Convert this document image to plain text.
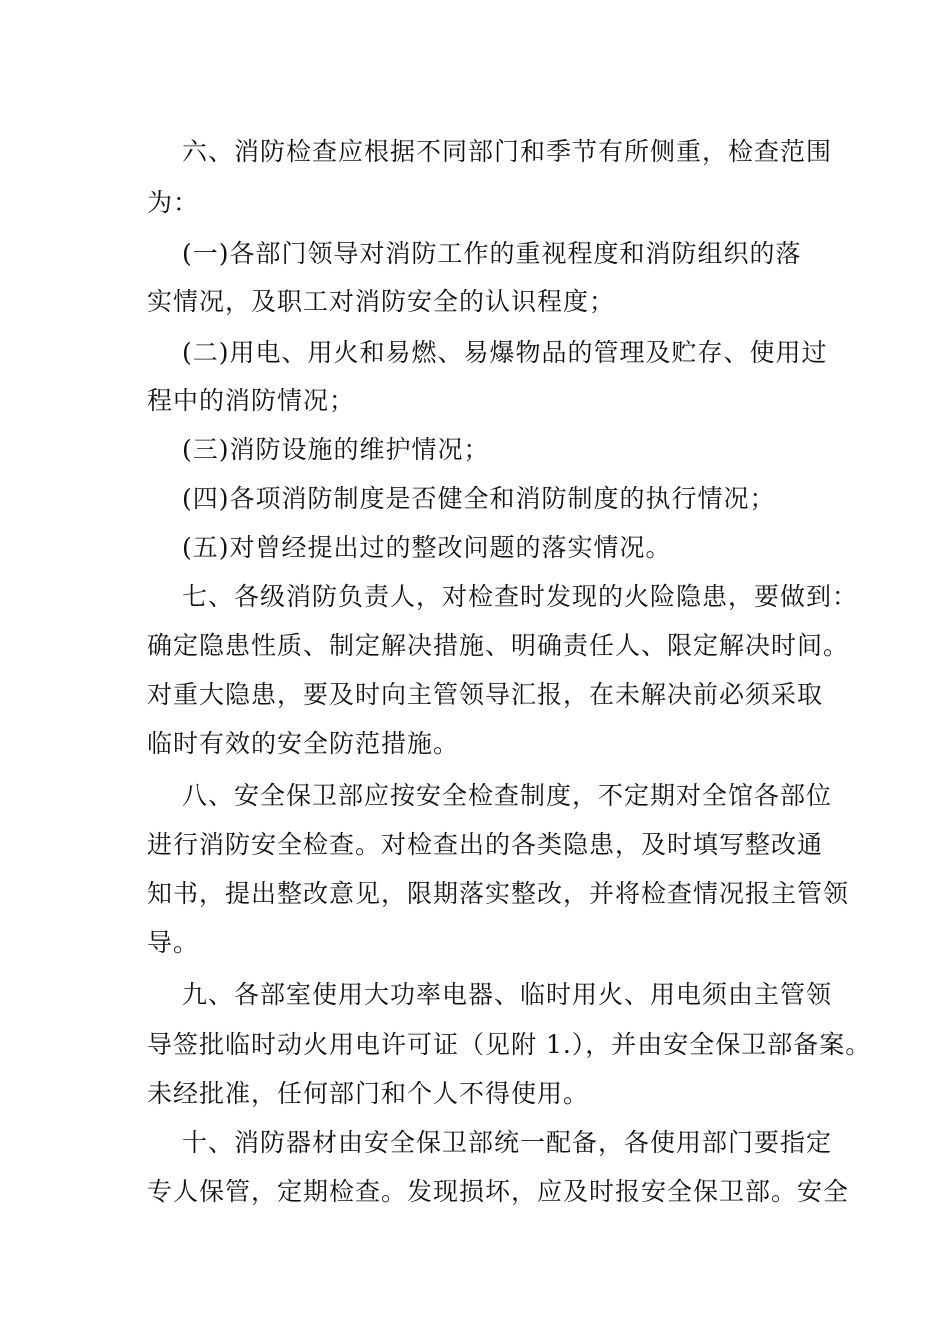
六、消防检查应根据不同部门和季节有所侧重，检查范围
为：
(一)各部门领导对消防工作的重视程度和消防组织的落
实情况，及职工对消防安全的认识程度；
(二)用电、用火和易燃、易爆物品的管理及贮存、使用过
程中的消防情况；
(三)消防设施的维护情况；
(四)各项消防制度是否健全和消防制度的执行情况；
(五)对曾经提出过的整改问题的落实情况。
七、各级消防负责人，对检查时发现的火险隐患，要做到：
确定隐患性质、制定解决措施、明确责任人、限定解决时间。
对重大隐患，要及时向主管领导汇报，在未解决前必须采取
临时有效的安全防范措施。
八、安全保卫部应按安全检查制度，不定期对全馆各部位
进行消防安全检查。对检查出的各类隐患，及时填写整改通
知书，提出整改意见，限期落实整改，并将检查情况报主管领
导。
九、各部室使用大功率电器、临时用火、用电须由主管领
导签批临时动火用电许可证（见附 1.），并由安全保卫部备案。
未经批准，任何部门和个人不得使用。
十、消防器材由安全保卫部统一配备，各使用部门要指定
专人保管，定期检查。发现损坏，应及时报安全保卫部。安全
